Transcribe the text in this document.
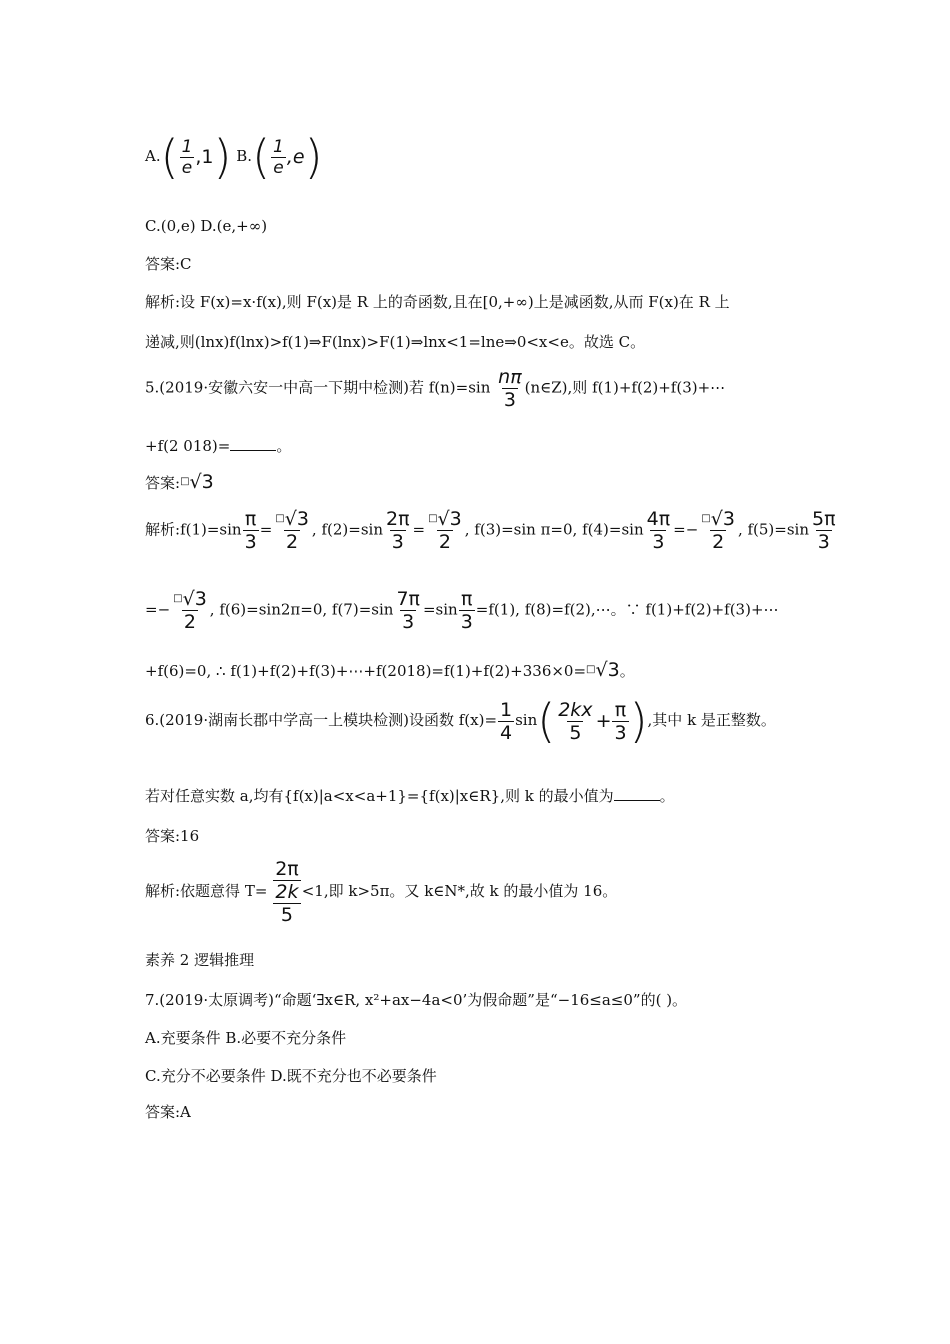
$A.( \frac{1}{e} ,1)$ $B.( \frac{1}{e} ,e)$
C.(0,e) D.(e,+∞)
答案:C
解析:设 F(x)=x·f(x),则 F(x)是 R 上的奇函数,且在[0,+∞)上是减函数,从而 F(x)在 R 上
递减,则(lnx)f(lnx)>f(1)⇒F(lnx)>F(1)⇒lnx<1=lne⇒0<x<e。故选 C。
5.(2019·安徽六安一中高一下期中检测)若 $f(n)=\sin \frac{n\pi}{3}$ (n∈Z),则 f(1)+f(2)+f(3)+⋯
+f(2 018)=	。
答案:□√3
解析:f(1)=sin $\frac{\pi}{3} = \frac{^□√3}{2}$ , $f(2)=\sin \frac{2\pi}{3} = \frac{^□√3}{2}$ , f(3)=sin π=0, $f(4)=\sin \frac{4\pi}{3} =- \frac{^□√3}{2}$ , $f(5)=\sin \frac{5\pi}{3}$
=− $\frac{^□√3}{2}$ , f(6)=sin2π=0, $f(7)=\sin \frac{7\pi}{3} =\sin \frac{\pi}{3} =f(1)$, f(8)=f(2),⋯。∵ f(1)+f(2)+f(3)+⋯
+f(6)=0, ∴ f(1)+f(2)+f(3)+⋯+f(2018)=f(1)+f(2)+336×0=□√3。
6.(2019·湖南长郡中学高一上模块检测)设函数 $f(x)= \frac{1}{4} \sin( \frac{2kx}{5} + \frac{\pi}{3}$ ),其中 k 是正整数。
若对任意实数 a,均有{f(x)|a<x<a+1}={f(x)|x∈R},则 k 的最小值为	。
答案:16
解析:依题意得 T= 2π
2k
5 <1,即 k>5π。又 k∈N*,故 k 的最小值为 16。
素养 2 逻辑推理
7.(2019·太原调考)“命题‘∃x∈R, x²+ax−4a<0’为假命题”是“−16≤a≤0”的( )。
A.充要条件 B.必要不充分条件
C.充分不必要条件 D.既不充分也不必要条件
答案:A
